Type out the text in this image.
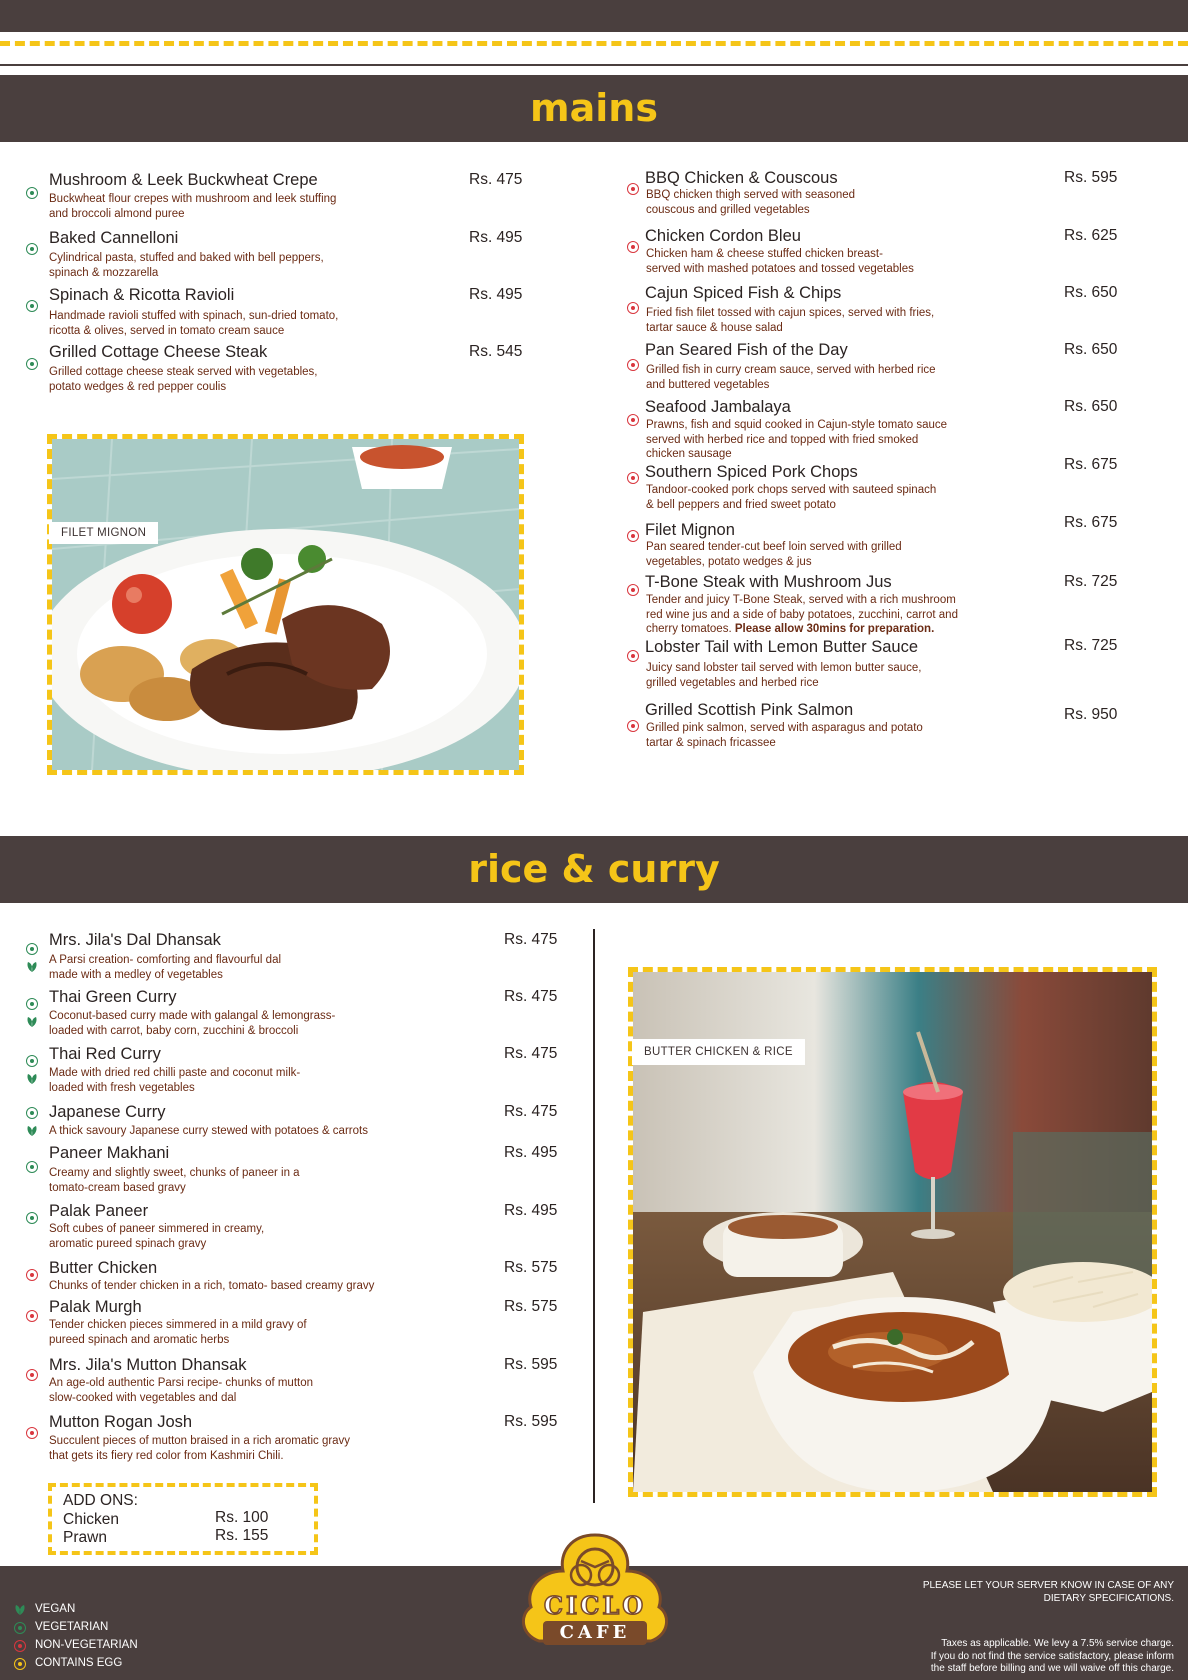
mains
Mushroom & Leek Buckwheat Crepe	Rs. 475
Buckwheat flour crepes with mushroom and leek stuffing
and broccoli almond puree
Baked Cannelloni	Rs. 495
Cylindrical pasta, stuffed and baked with bell peppers,
spinach & mozzarella
Spinach & Ricotta Ravioli	Rs. 495
Handmade ravioli stuffed with spinach, sun-dried tomato,
ricotta & olives, served in tomato cream sauce
Grilled Cottage Cheese Steak	Rs. 545
Grilled cottage cheese steak served with vegetables,
potato wedges & red pepper coulis
FILET MIGNON
BBQ Chicken & Couscous	Rs. 595
BBQ chicken thigh served with seasoned
couscous and grilled vegetables
Chicken Cordon Bleu	Rs. 625
Chicken ham & cheese stuffed chicken breast-
served with mashed potatoes and tossed vegetables
Cajun Spiced Fish & Chips	Rs. 650
Fried fish filet tossed with cajun spices, served with fries,
tartar sauce & house salad
Pan Seared Fish of the Day	Rs. 650
Grilled fish in curry cream sauce, served with herbed rice
and buttered vegetables
Seafood Jambalaya	Rs. 650
Prawns, fish and squid cooked in Cajun-style tomato sauce
served with herbed rice and topped with fried smoked
chicken sausage
Southern Spiced Pork Chops	Rs. 675
Tandoor-cooked pork chops served with sauteed spinach
& bell peppers and fried sweet potato
Filet Mignon	Rs. 675
Pan seared tender-cut beef loin served with grilled
vegetables, potato wedges & jus
T-Bone Steak with Mushroom Jus	Rs. 725
Tender and juicy T-Bone Steak, served with a rich mushroom
red wine jus and a side of baby potatoes, zucchini, carrot and
cherry tomatoes. Please allow 30mins for preparation.
Lobster Tail with Lemon Butter Sauce	Rs. 725
Juicy sand lobster tail served with lemon butter sauce,
grilled vegetables and herbed rice
Grilled Scottish Pink Salmon	Rs. 950
Grilled pink salmon, served with asparagus and potato
tartar & spinach fricassee
rice & curry
Mrs. Jila's Dal Dhansak	Rs. 475
A Parsi creation- comforting and flavourful dal
made with a medley of vegetables
Thai Green Curry	Rs. 475
Coconut-based curry made with galangal & lemongrass-
loaded with carrot, baby corn, zucchini & broccoli
Thai Red Curry	Rs. 475
Made with dried red chilli paste and coconut milk-
loaded with fresh vegetables
Japanese Curry	Rs. 475
A thick savoury Japanese curry stewed with potatoes & carrots
Paneer Makhani	Rs. 495
Creamy and slightly sweet, chunks of paneer in a
tomato-cream based gravy
Palak Paneer	Rs. 495
Soft cubes of paneer simmered in creamy,
aromatic pureed spinach gravy
Butter Chicken	Rs. 575
Chunks of tender chicken in a rich, tomato- based creamy gravy
Palak Murgh	Rs. 575
Tender chicken pieces simmered in a mild gravy of
pureed spinach and aromatic herbs
Mrs. Jila's Mutton Dhansak	Rs. 595
An age-old authentic Parsi recipe- chunks of mutton
slow-cooked with vegetables and dal
Mutton Rogan Josh	Rs. 595
Succulent pieces of mutton braised in a rich aromatic gravy
that gets its fiery red color from Kashmiri Chili.
ADD ONS:
Chicken	Rs. 100
Prawn	Rs. 155
BUTTER CHICKEN & RICE
VEGAN
VEGETARIAN
NON-VEGETARIAN
CONTAINS EGG
PLEASE LET YOUR SERVER KNOW IN CASE OF ANY
DIETARY SPECIFICATIONS.
Taxes as applicable. We levy a 7.5% service charge.
If you do not find the service satisfactory, please inform
the staff before billing and we will waive off this charge.
CICLO
CAFE
